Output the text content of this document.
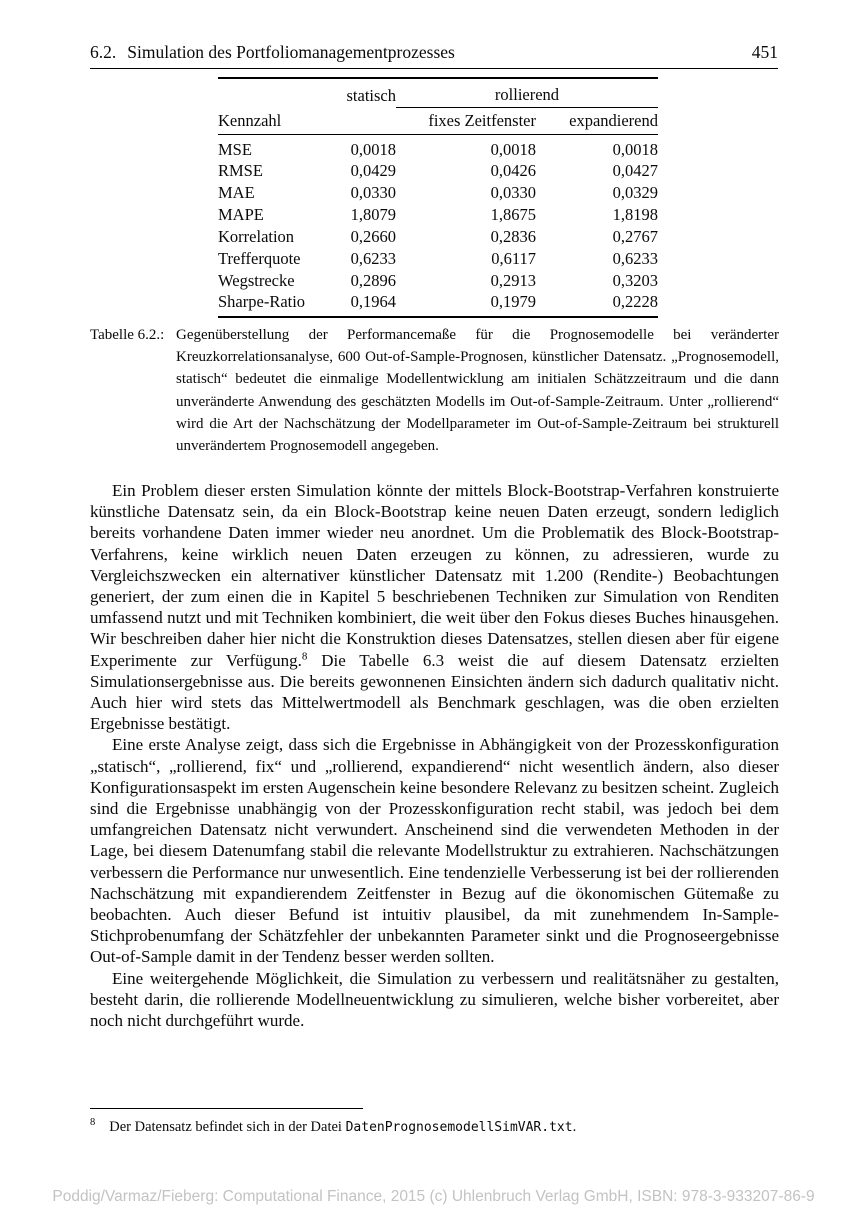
6.2. Simulation des Portfoliomanagementprozesses	451
	statisch	rollierend	
Kennzahl		fixes Zeitfenster	expandierend
MSE	0,0018	0,0018	0,0018
RMSE	0,0429	0,0426	0,0427
MAE	0,0330	0,0330	0,0329
MAPE	1,8079	1,8675	1,8198
Korrelation	0,2660	0,2836	0,2767
Trefferquote	0,6233	0,6117	0,6233
Wegstrecke	0,2896	0,2913	0,3203
Sharpe-Ratio	0,1964	0,1979	0,2228
Tabelle 6.2.: Gegenüberstellung der Performancemaße für die Prognosemodelle bei veränderter Kreuzkorrelationsanalyse, 600 Out-of-Sample-Prognosen, künstlicher Datensatz. „Prognosemodell, statisch“ bedeutet die einmalige Modellentwicklung am initialen Schätzzeitraum und die dann unveränderte Anwendung des geschätzten Modells im Out-of-Sample-Zeitraum. Unter „rollierend“ wird die Art der Nachschätzung der Modellparameter im Out-of-Sample-Zeitraum bei strukturell unverändertem Prognosemodell angegeben.

Ein Problem dieser ersten Simulation könnte der mittels Block-Bootstrap-Verfahren konstruierte künstliche Datensatz sein, da ein Block-Bootstrap keine neuen Daten erzeugt, sondern lediglich bereits vorhandene Daten immer wieder neu anordnet. Um die Problematik des Block-Bootstrap-Verfahrens, keine wirklich neuen Daten erzeugen zu können, zu adressieren, wurde zu Vergleichszwecken ein alternativer künstlicher Datensatz mit 1.200 (Rendite-) Beobachtungen generiert, der zum einen die in Kapitel 5 beschriebenen Techniken zur Simulation von Renditen umfassend nutzt und mit Techniken kombiniert, die weit über den Fokus dieses Buches hinausgehen. Wir beschreiben daher hier nicht die Konstruktion dieses Datensatzes, stellen diesen aber für eigene Experimente zur Verfügung.$^8$ Die Tabelle 6.3 weist die auf diesem Datensatz erzielten Simulationsergebnisse aus. Die bereits gewonnenen Einsichten ändern sich dadurch qualitativ nicht. Auch hier wird stets das Mittelwertmodell als Benchmark geschlagen, was die oben erzielten Ergebnisse bestätigt.

Eine erste Analyse zeigt, dass sich die Ergebnisse in Abhängigkeit von der Prozesskonfiguration „statisch“, „rollierend, fix“ und „rollierend, expandierend“ nicht wesentlich ändern, also dieser Konfigurationsaspekt im ersten Augenschein keine besondere Relevanz zu besitzen scheint. Zugleich sind die Ergebnisse unabhängig von der Prozesskonfiguration recht stabil, was jedoch bei dem umfangreichen Datensatz nicht verwundert. Anscheinend sind die verwendeten Methoden in der Lage, bei diesem Datenumfang stabil die relevante Modellstruktur zu extrahieren. Nachschätzungen verbessern die Performance nur unwesentlich. Eine tendenzielle Verbesserung ist bei der rollierenden Nachschätzung mit expandierendem Zeitfenster in Bezug auf die ökonomischen Gütemaße zu beobachten. Auch dieser Befund ist intuitiv plausibel, da mit zunehmendem In-Sample-Stichprobenumfang der Schätzfehler der unbekannten Parameter sinkt und die Prognoseergebnisse Out-of-Sample damit in der Tendenz besser werden sollten.

Eine weitergehende Möglichkeit, die Simulation zu verbessern und realitätsnäher zu gestalten, besteht darin, die rollierende Modellneuentwicklung zu simulieren, welche bisher vorbereitet, aber noch nicht durchgeführt wurde.

$^8$ Der Datensatz befindet sich in der Datei DatenPrognosemodellSimVAR.txt.
Poddig/Varmaz/Fieberg: Computational Finance, 2015 (c) Uhlenbruch Verlag GmbH, ISBN: 978-3-933207-86-9
